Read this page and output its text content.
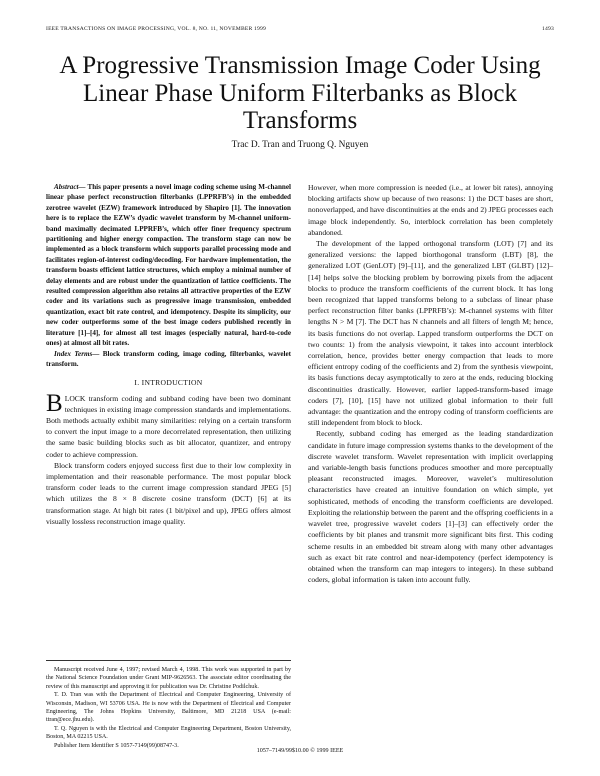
IEEE TRANSACTIONS ON IMAGE PROCESSING, VOL. 8, NO. 11, NOVEMBER 1999	1493
A Progressive Transmission Image Coder Using Linear Phase Uniform Filterbanks as Block Transforms
Trac D. Tran and Truong Q. Nguyen

Abstract— This paper presents a novel image coding scheme using M-channel linear phase perfect reconstruction filterbanks (LPPRFB’s) in the embedded zerotree wavelet (EZW) framework introduced by Shapiro [1]. The innovation here is to replace the EZW’s dyadic wavelet transform by M-channel uniform-band maximally decimated LPPRFB’s, which offer finer frequency spectrum partitioning and higher energy compaction. The transform stage can now be implemented as a block transform which supports parallel processing mode and facilitates region-of-interest coding/decoding. For hardware implementation, the transform boasts efficient lattice structures, which employ a minimal number of delay elements and are robust under the quantization of lattice coefficients. The resulted compression algorithm also retains all attractive properties of the EZW coder and its variations such as progressive image transmission, embedded quantization, exact bit rate control, and idempotency. Despite its simplicity, our new coder outperforms some of the best image coders published recently in literature [1]–[4], for almost all test images (especially natural, hard-to-code ones) at almost all bit rates.

Index Terms— Block transform coding, image coding, filterbanks, wavelet transform.

I. INTRODUCTION

BLOCK transform coding and subband coding have been two dominant techniques in existing image compression standards and implementations. Both methods actually exhibit many similarities: relying on a certain transform to convert the input image to a more decorrelated representation, then utilizing the same basic building blocks such as bit allocator, quantizer, and entropy coder to achieve compression.

Block transform coders enjoyed success first due to their low complexity in implementation and their reasonable performance. The most popular block transform coder leads to the current image compression standard JPEG [5] which utilizes the 8 × 8 discrete cosine transform (DCT) [6] at its transformation stage. At high bit rates (1 bit/pixel and up), JPEG offers almost visually lossless reconstruction image quality.

However, when more compression is needed (i.e., at lower bit rates), annoying blocking artifacts show up because of two reasons: 1) the DCT bases are short, nonoverlapped, and have discontinuities at the ends and 2) JPEG processes each image block independently. So, interblock correlation has been completely abandoned.

The development of the lapped orthogonal transform (LOT) [7] and its generalized versions: the lapped biorthogonal transform (LBT) [8], the generalized LOT (GenLOT) [9]–[11], and the generalized LBT (GLBT) [12]–[14] helps solve the blocking problem by borrowing pixels from the adjacent blocks to produce the transform coefficients of the current block. It has long been recognized that lapped transforms belong to a subclass of linear phase perfect reconstruction filter banks (LPPRFB’s): M-channel systems with filter lengths N > M [7]. The DCT has N channels and all filters of length M; hence, its basis functions do not overlap. Lapped transform outperforms the DCT on two counts: 1) from the analysis viewpoint, it takes into account interblock correlation, hence, provides better energy compaction that leads to more efficient entropy coding of the coefficients and 2) from the synthesis viewpoint, its basis functions decay asymptotically to zero at the ends, reducing blocking discontinuities drastically. However, earlier lapped-transform-based image coders [7], [10], [15] have not utilized global information to their full advantage: the quantization and the entropy coding of transform coefficients are still independent from block to block.

Recently, subband coding has emerged as the leading standardization candidate in future image compression systems thanks to the development of the discrete wavelet transform. Wavelet representation with implicit overlapping and variable-length basis functions produces smoother and more perceptually pleasant reconstructed images. Moreover, wavelet’s multiresolution characteristics have created an intuitive foundation on which simple, yet sophisticated, methods of encoding the transform coefficients are developed. Exploiting the relationship between the parent and the offspring coefficients in a wavelet tree, progressive wavelet coders [1]–[3] can effectively order the coefficients by bit planes and transmit more significant bits first. This coding scheme results in an embedded bit stream along with many other advantages such as exact bit rate control and near-idempotency (perfect idempotency is obtained when the transform can map integers to integers). In these subband coders, global information is taken into account fully.

Manuscript received June 4, 1997; revised March 4, 1998. This work was supported in part by the National Science Foundation under Grant MIP-9626563. The associate editor coordinating the review of this manuscript and approving it for publication was Dr. Christine Podilchuk.

T. D. Tran was with the Department of Electrical and Computer Engineering, University of Wisconsin, Madison, WI 53706 USA. He is now with the Department of Electrical and Computer Engineering, The Johns Hopkins University, Baltimore, MD 21218 USA (e-mail: ttran@ece.jhu.edu).

T. Q. Nguyen is with the Electrical and Computer Engineering Department, Boston University, Boston, MA 02215 USA.

Publisher Item Identifier S 1057-7149(99)08747-3.

1057–7149/99$10.00 © 1999 IEEE
